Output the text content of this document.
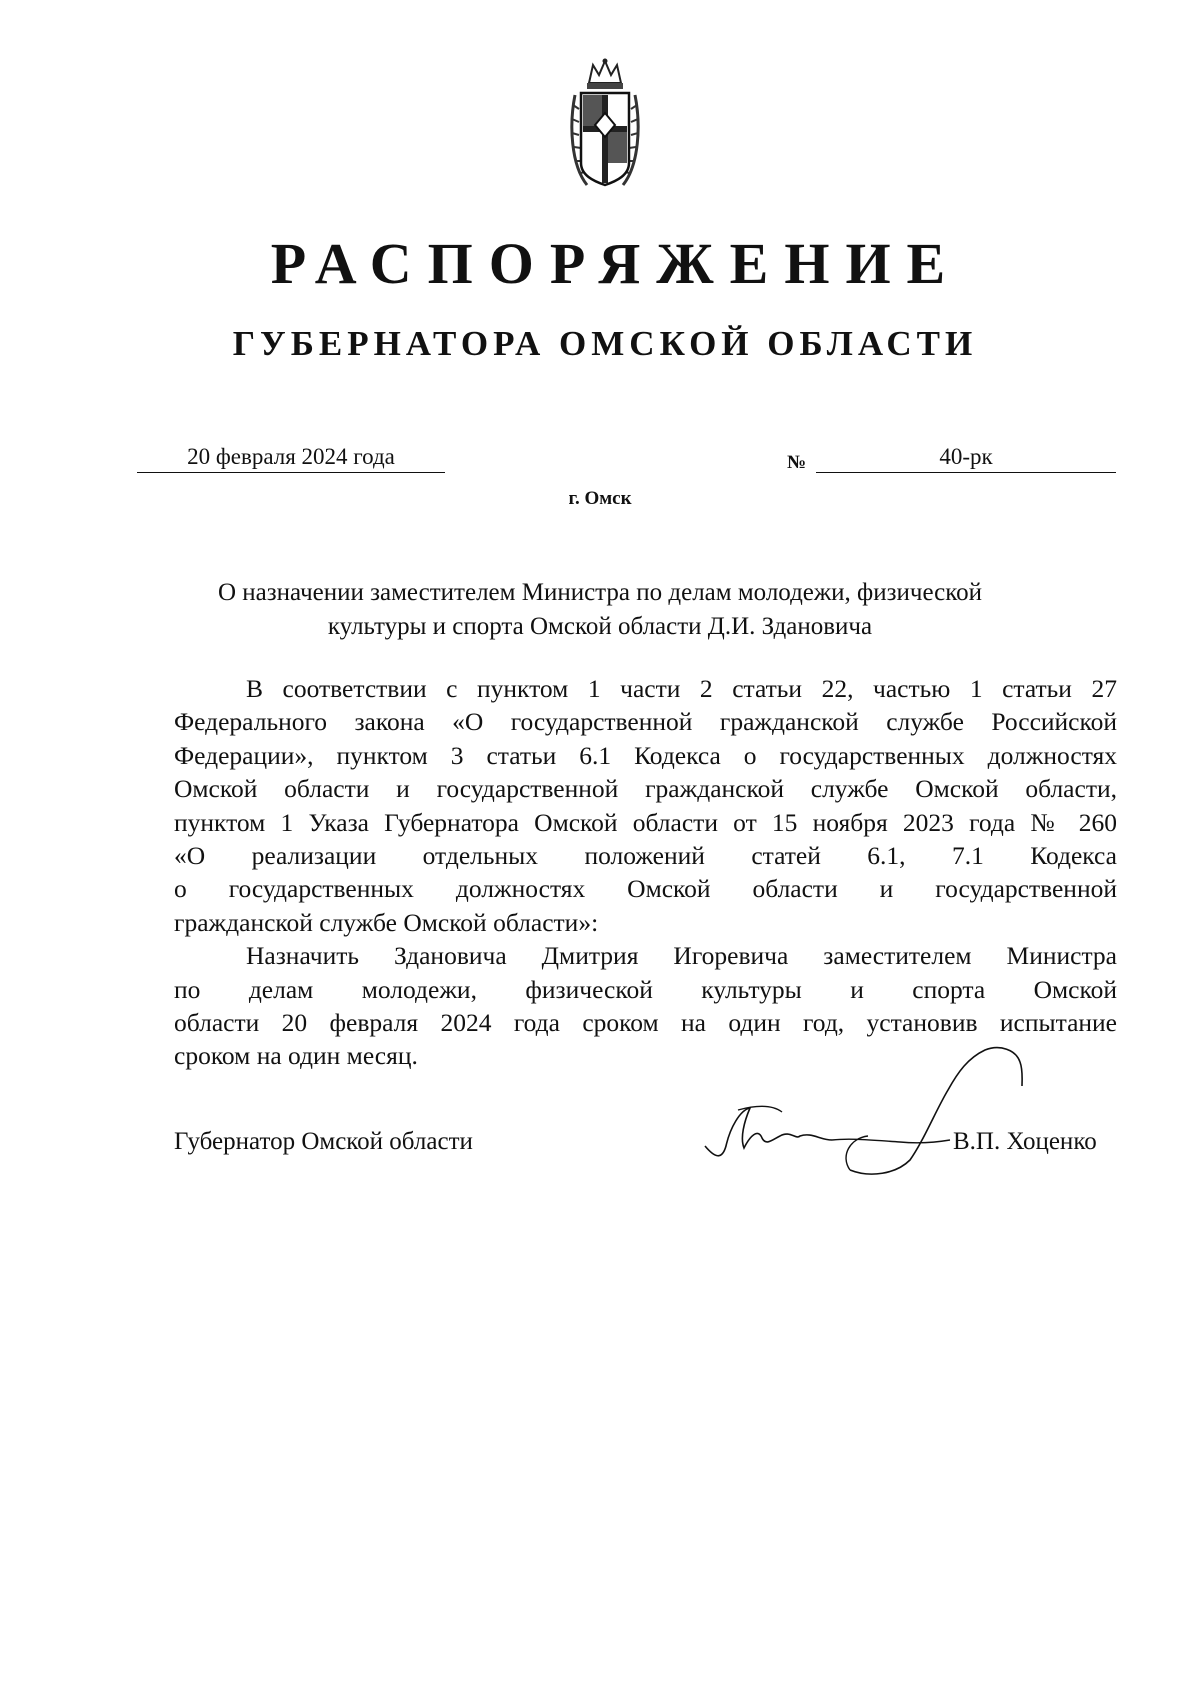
РАСПОРЯЖЕНИЕ
ГУБЕРНАТОРА ОМСКОЙ ОБЛАСТИ
20 февраля 2024 года	№	40-рк
г. Омск
О назначении заместителем Министра по делам молодежи, физической
культуры и спорта Омской области Д.И. Здановича
В соответствии с пунктом 1 части 2 статьи 22, частью 1 статьи 27
Федерального закона «О государственной гражданской службе Российской
Федерации», пунктом 3 статьи 6.1 Кодекса о государственных должностях
Омской области и государственной гражданской службе Омской области,
пунктом 1 Указа Губернатора Омской области от 15 ноября 2023 года № 260
«О реализации отдельных положений статей 6.1, 7.1 Кодекса
о государственных должностях Омской области и государственной
гражданской службе Омской области»:
Назначить Здановича Дмитрия Игоревича заместителем Министра
по делам молодежи, физической культуры и спорта Омской
области 20 февраля 2024 года сроком на один год, установив испытание
сроком на один месяц.
Губернатор Омской области	В.П. Хоценко
